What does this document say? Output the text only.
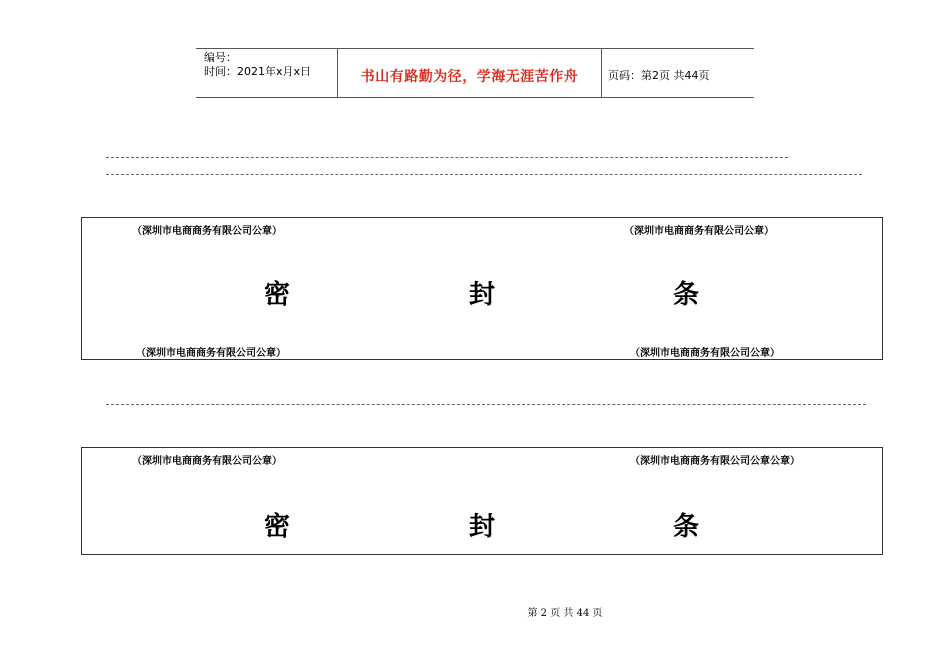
编号：
时间：2021年x月x日	书山有路勤为径，学海无涯苦作舟	页码：第2页 共44页
（深圳市电商商务有限公司公章）	（深圳市电商商务有限公司公章）
密	封	条
（深圳市电商商务有限公司公章）	（深圳市电商商务有限公司公章）
（深圳市电商商务有限公司公章）	（深圳市电商商务有限公司公章公章）
密	封	条
第 2 页 共 44 页
